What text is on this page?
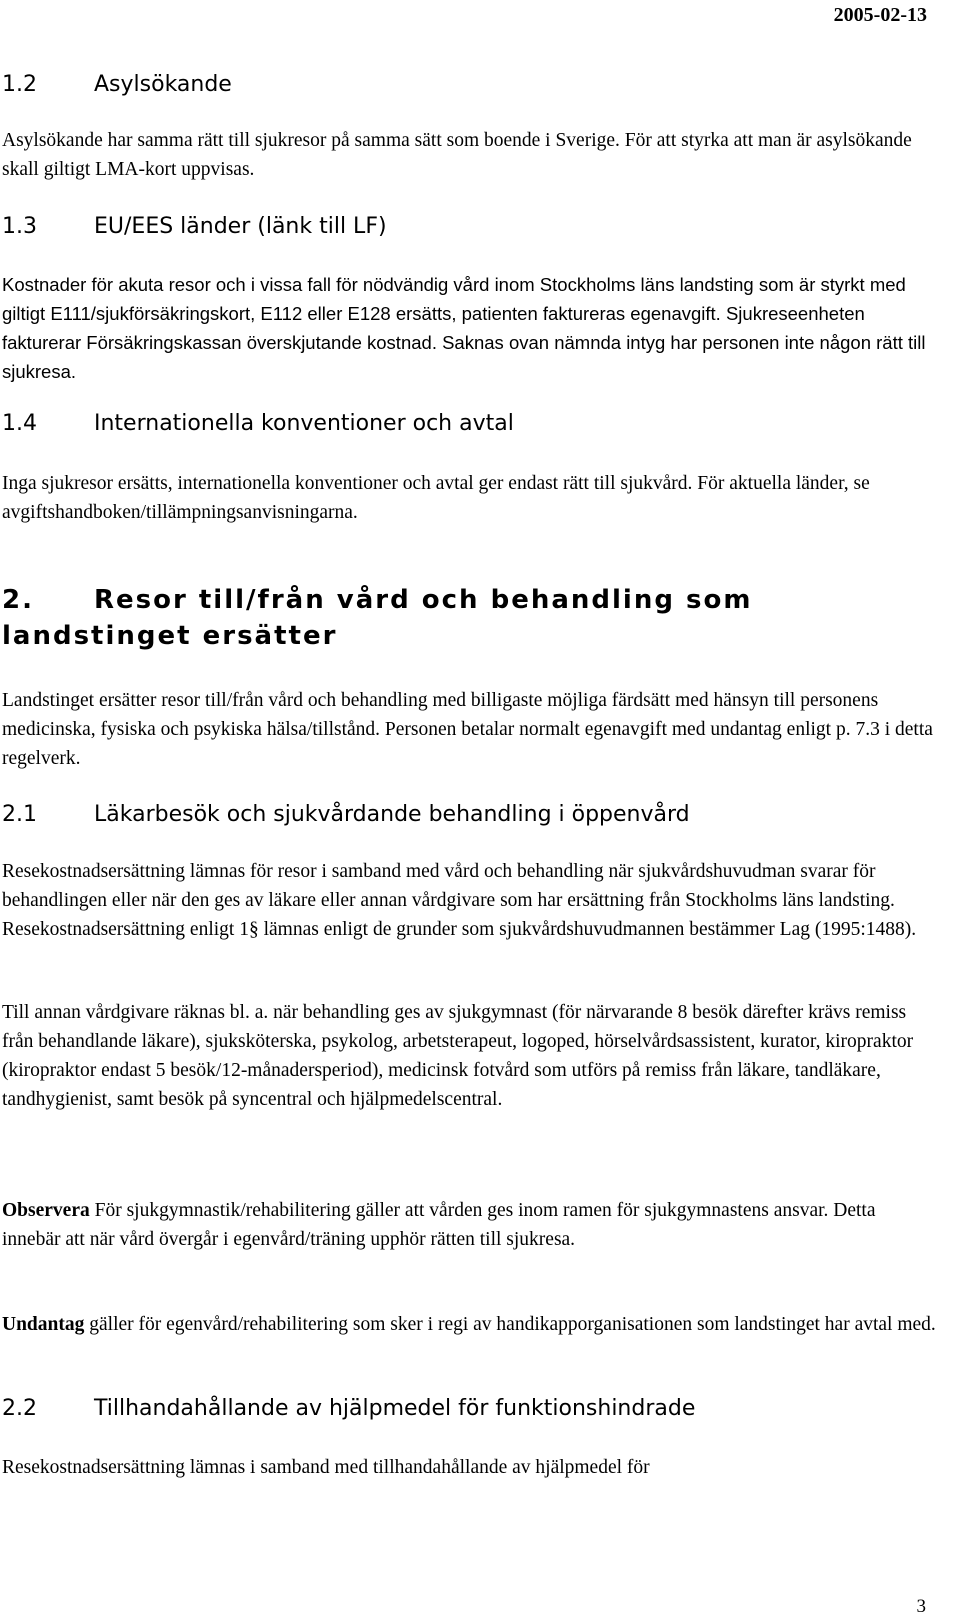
2005-02-13
1.2	Asylsökande
Asylsökande har samma rätt till sjukresor på samma sätt som boende i Sverige. För att styrka att man är asylsökande skall giltigt LMA-kort uppvisas.
1.3	EU/EES länder (länk till LF)
Kostnader för akuta resor och i vissa fall för nödvändig vård inom Stockholms läns landsting som är styrkt med giltigt E111/sjukförsäkringskort, E112 eller E128 ersätts, patienten faktureras egenavgift. Sjukreseenheten fakturerar Försäkringskassan överskjutande kostnad. Saknas ovan nämnda intyg har personen inte någon rätt till sjukresa.
1.4	Internationella konventioner och avtal
Inga sjukresor ersätts, internationella konventioner och avtal ger endast rätt till sjukvård. För aktuella länder, se avgiftshandboken/tillämpningsanvisningarna.
2. Resor till/från vård och behandling som landstinget ersätter
Landstinget ersätter resor till/från vård och behandling med billigaste möjliga färdsätt med hänsyn till personens medicinska, fysiska och psykiska hälsa/tillstånd. Personen betalar normalt egenavgift med undantag enligt p. 7.3 i detta regelverk.
2.1	Läkarbesök och sjukvårdande behandling i öppenvård
Resekostnadsersättning lämnas för resor i samband med vård och behandling när sjukvårdshuvudman svarar för behandlingen eller när den ges av läkare eller annan vårdgivare som har ersättning från Stockholms läns landsting. Resekostnadsersättning enligt 1§ lämnas enligt de grunder som sjukvårdshuvudmannen bestämmer Lag (1995:1488).
Till annan vårdgivare räknas bl. a. när behandling ges av sjukgymnast (för närvarande 8 besök därefter krävs remiss från behandlande läkare), sjuksköterska, psykolog, arbetsterapeut, logoped, hörselvårdsassistent, kurator, kiropraktor (kiropraktor endast 5 besök/12-månadersperiod), medicinsk fotvård som utförs på remiss från läkare, tandläkare, tandhygienist, samt besök på syncentral och hjälpmedelscentral.
Observera För sjukgymnastik/rehabilitering gäller att vården ges inom ramen för sjukgymnastens ansvar. Detta innebär att när vård övergår i egenvård/träning upphör rätten till sjukresa.
Undantag gäller för egenvård/rehabilitering som sker i regi av handikapporganisationen som landstinget har avtal med.
2.2	Tillhandahållande av hjälpmedel för funktionshindrade
Resekostnadsersättning lämnas i samband med tillhandahållande av hjälpmedel för
3
